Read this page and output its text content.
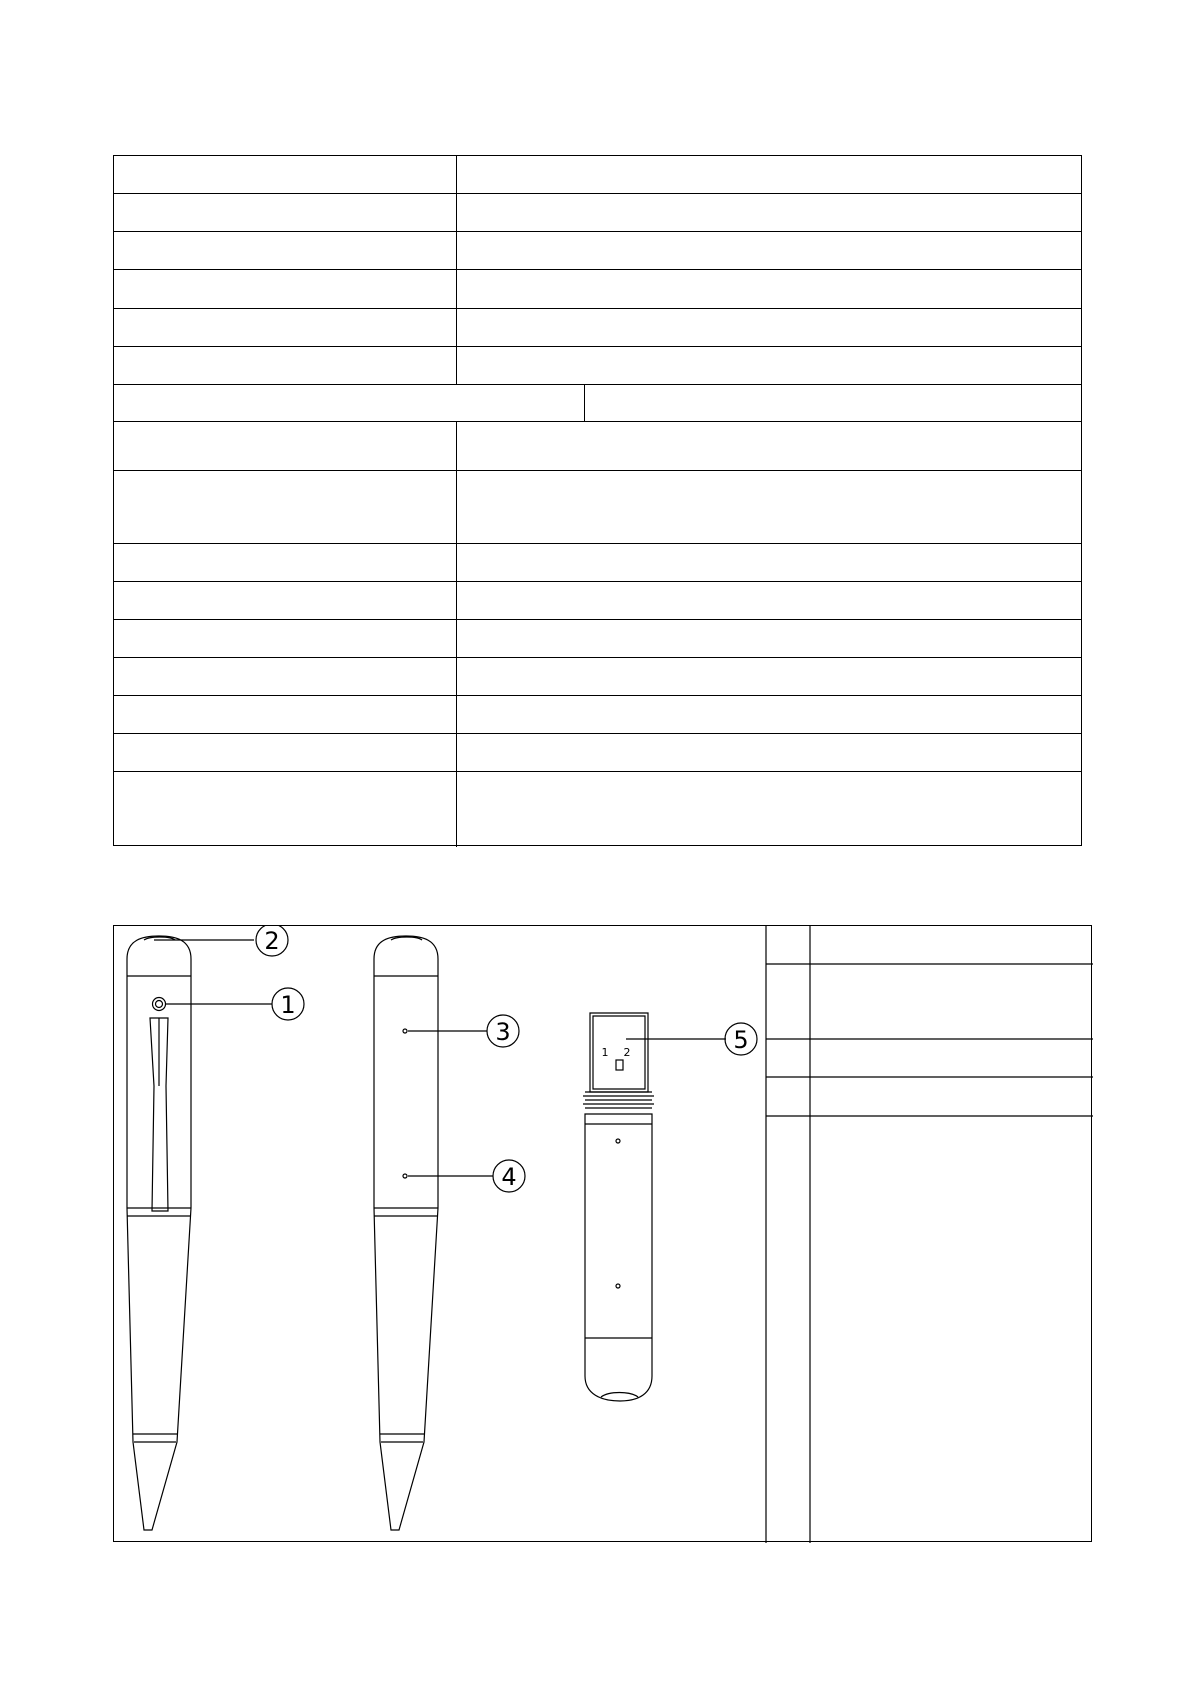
1
2
3
4
5
1 2
